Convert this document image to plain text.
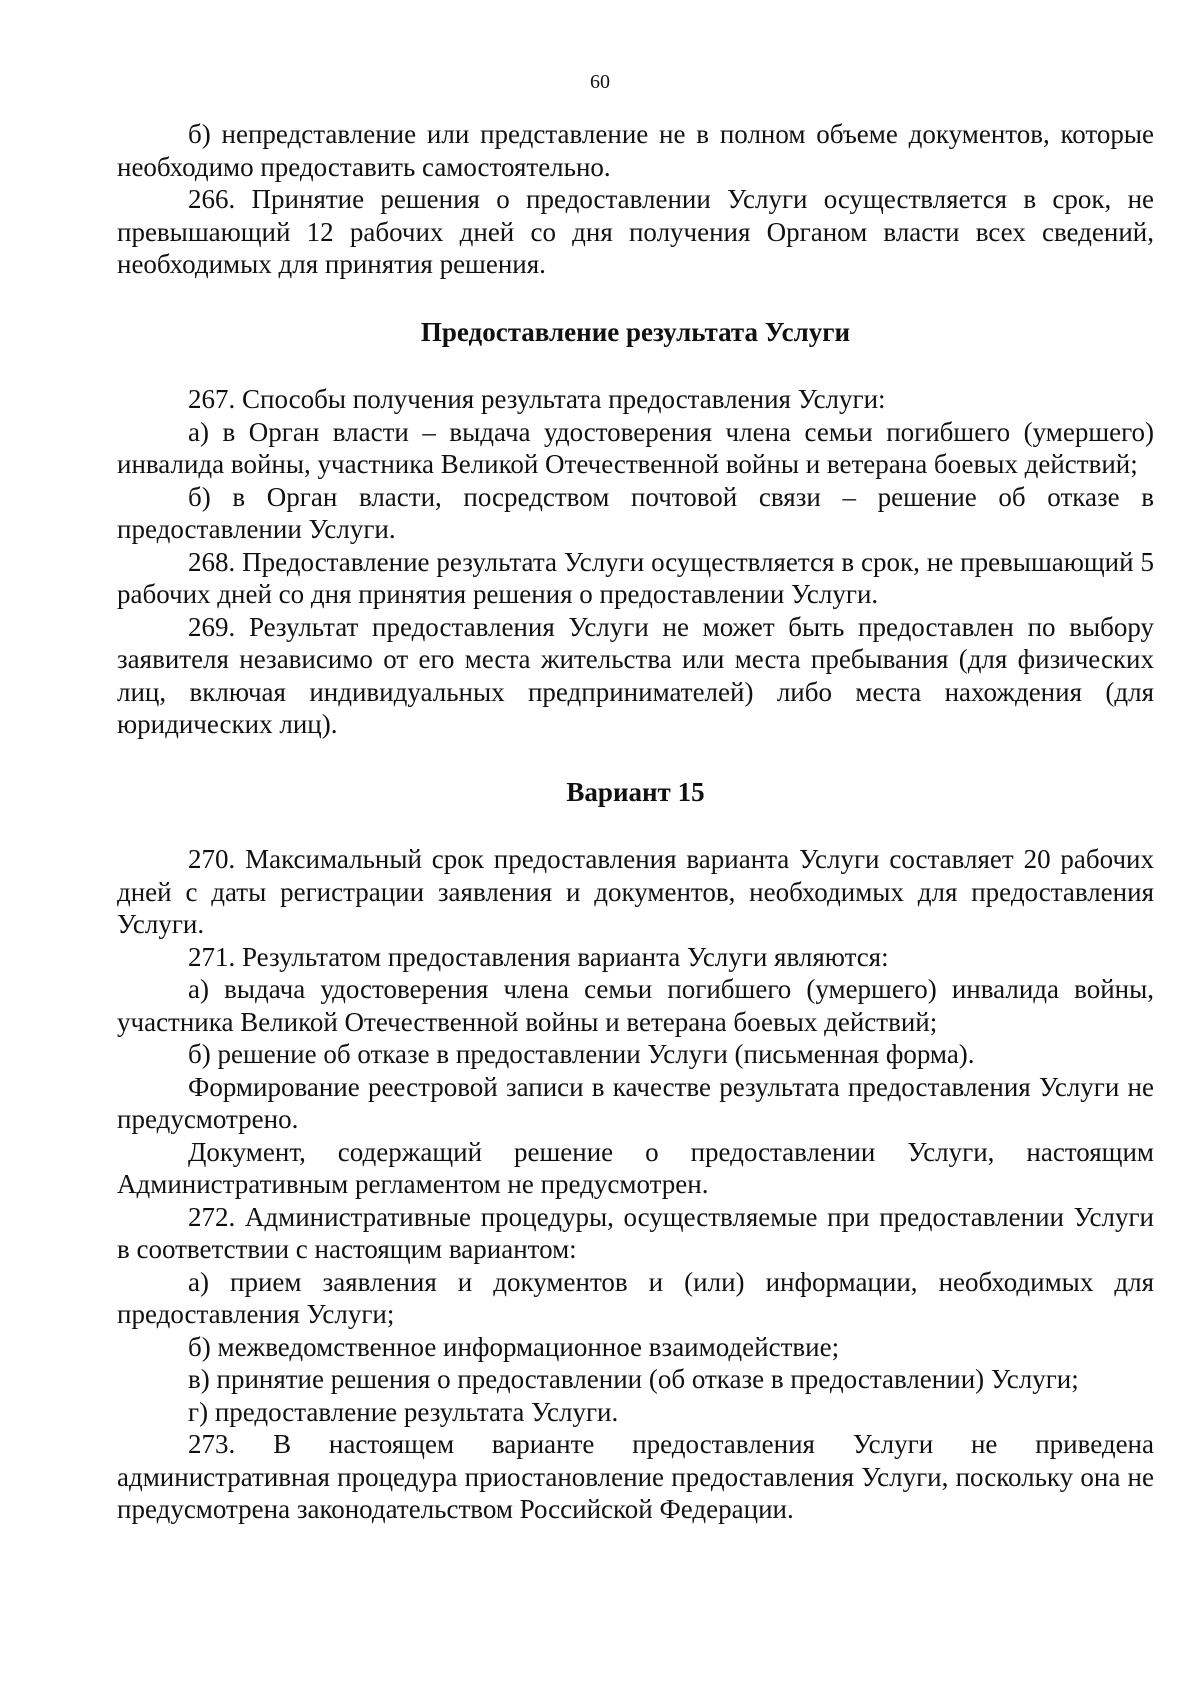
60

б) непредставление или представление не в полном объеме документов, которые необходимо предоставить самостоятельно.

266. Принятие решения о предоставлении Услуги осуществляется в срок, не превышающий 12 рабочих дней со дня получения Органом власти всех сведений, необходимых для принятия решения.

Предоставление результата Услуги

267. Способы получения результата предоставления Услуги:

а) в Орган власти – выдача удостоверения члена семьи погибшего (умершего) инвалида войны, участника Великой Отечественной войны и ветерана боевых действий;

б) в Орган власти, посредством почтовой связи – решение об отказе в предоставлении Услуги.

268. Предоставление результата Услуги осуществляется в срок, не превышающий 5 рабочих дней со дня принятия решения о предоставлении Услуги.

269. Результат предоставления Услуги не может быть предоставлен по выбору заявителя независимо от его места жительства или места пребывания (для физических лиц, включая индивидуальных предпринимателей) либо места нахождения (для юридических лиц).

Вариант 15

270. Максимальный срок предоставления варианта Услуги составляет 20 рабочих дней с даты регистрации заявления и документов, необходимых для предоставления Услуги.

271. Результатом предоставления варианта Услуги являются:

а) выдача удостоверения члена семьи погибшего (умершего) инвалида войны, участника Великой Отечественной войны и ветерана боевых действий;

б) решение об отказе в предоставлении Услуги (письменная форма).

Формирование реестровой записи в качестве результата предоставления Услуги не предусмотрено.

Документ, содержащий решение о предоставлении Услуги, настоящим Административным регламентом не предусмотрен.

272. Административные процедуры, осуществляемые при предоставлении Услуги в соответствии с настоящим вариантом:

а) прием заявления и документов и (или) информации, необходимых для предоставления Услуги;

б) межведомственное информационное взаимодействие;

в) принятие решения о предоставлении (об отказе в предоставлении) Услуги;

г) предоставление результата Услуги.

273. В настоящем варианте предоставления Услуги не приведена административная процедура приостановление предоставления Услуги, поскольку она не предусмотрена законодательством Российской Федерации.
